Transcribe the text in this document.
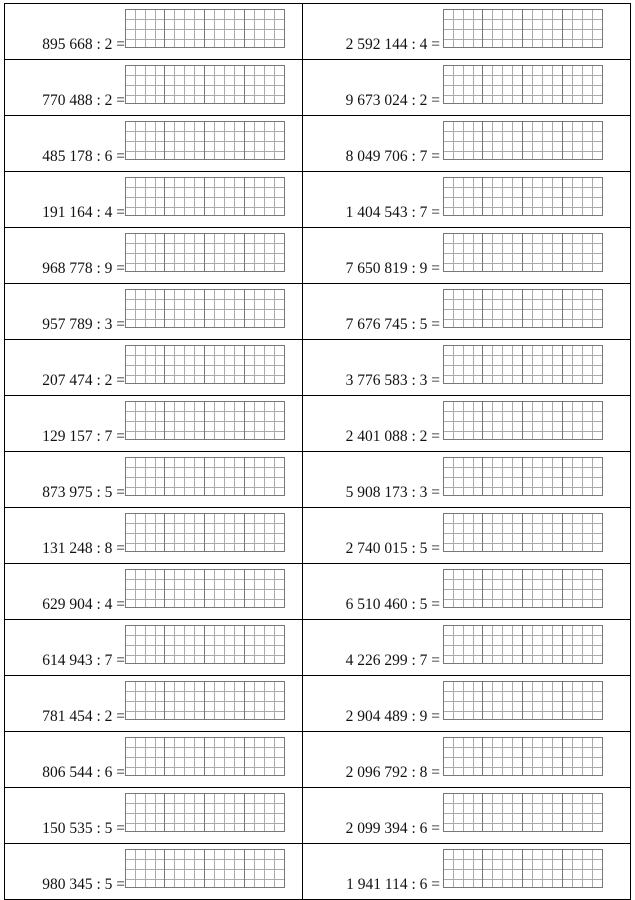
895 668 : 2 =	2 592 144 : 4 =

770 488 : 2 =	9 673 024 : 2 =

485 178 : 6 =	8 049 706 : 7 =

191 164 : 4 =	1 404 543 : 7 =

968 778 : 9 =	7 650 819 : 9 =

957 789 : 3 =	7 676 745 : 5 =

207 474 : 2 =	3 776 583 : 3 =

129 157 : 7 =	2 401 088 : 2 =

873 975 : 5 =	5 908 173 : 3 =

131 248 : 8 =	2 740 015 : 5 =

629 904 : 4 =	6 510 460 : 5 =

614 943 : 7 =	4 226 299 : 7 =

781 454 : 2 =	2 904 489 : 9 =

806 544 : 6 =	2 096 792 : 8 =

150 535 : 5 =	2 099 394 : 6 =

980 345 : 5 =	1 941 114 : 6 =
